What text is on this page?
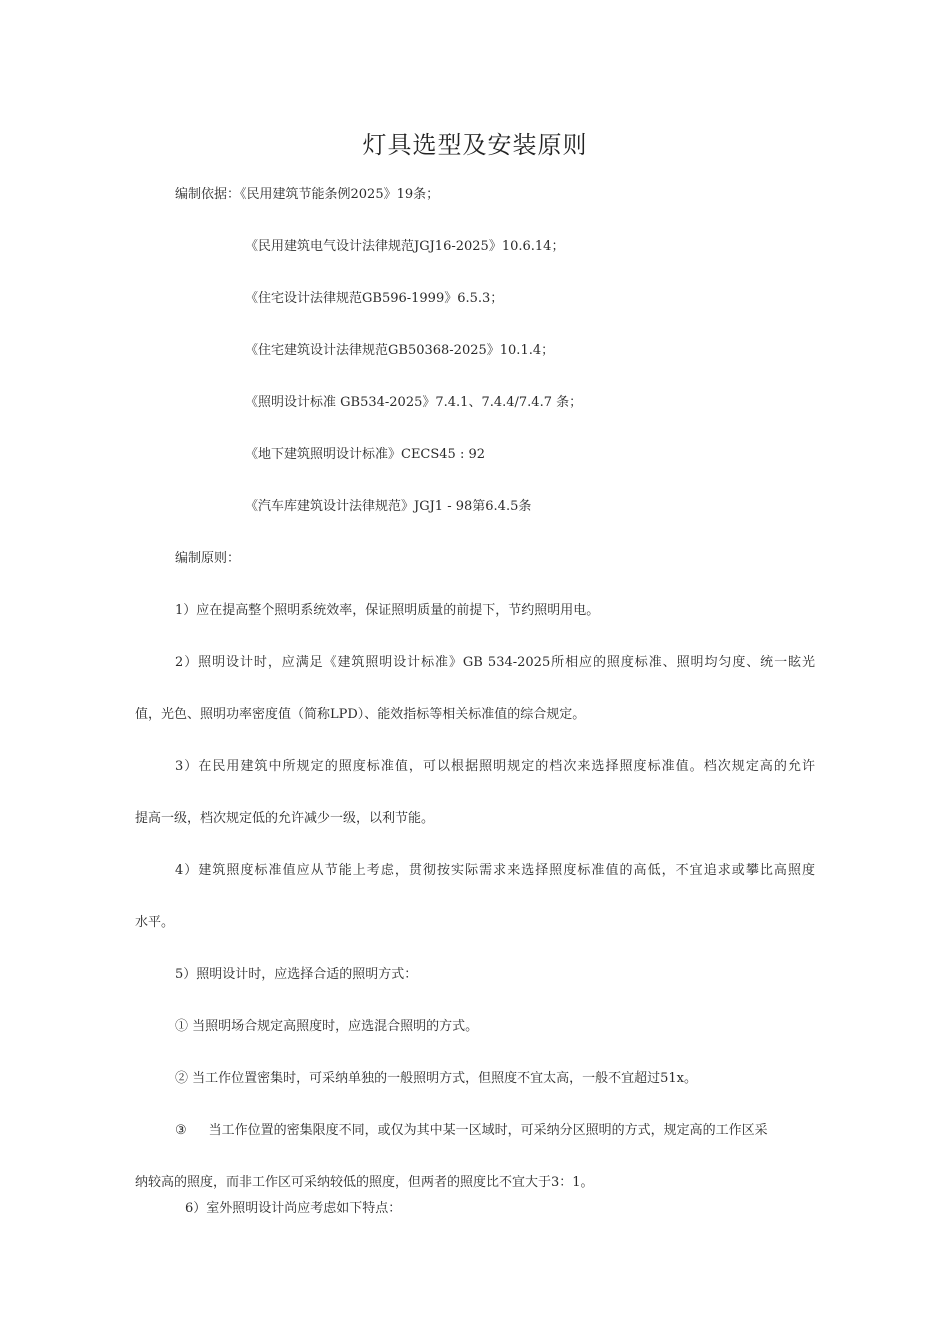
灯具选型及安装原则
编制依据：《民用建筑节能条例2025》19条；
《民用建筑电气设计法律规范JGJ16-2025》10.6.14；
《住宅设计法律规范GB596-1999》6.5.3；
《住宅建筑设计法律规范GB50368-2025》10.1.4；
《照明设计标准 GB534-2025》7.4.1、7.4.4/7.4.7 条；
《地下建筑照明设计标准》CECS45 : 92
《汽车库建筑设计法律规范》JGJ1 - 98第6.4.5条
编制原则：
1）应在提高整个照明系统效率，保证照明质量的前提下，节约照明用电。
2）照明设计时，应满足《建筑照明设计标准》GB 534-2025所相应的照度标准、照明均匀度、统一眩光
值，光色、照明功率密度值（简称LPD）、能效指标等相关标准值的综合规定。
3）在民用建筑中所规定的照度标准值，可以根据照明规定的档次来选择照度标准值。档次规定高的允许
提高一级，档次规定低的允许减少一级，以利节能。
4）建筑照度标准值应从节能上考虑，贯彻按实际需求来选择照度标准值的高低，不宜追求或攀比高照度
水平。
5）照明设计时，应选择合适的照明方式：
① 当照明场合规定高照度时，应选混合照明的方式。
② 当工作位置密集时，可采纳单独的一般照明方式，但照度不宜太高，一般不宜超过51x。
③ 当工作位置的密集限度不同，或仅为其中某一区域时，可采纳分区照明的方式，规定高的工作区采
纳较高的照度，而非工作区可采纳较低的照度，但两者的照度比不宜大于3：1。
6）室外照明设计尚应考虑如下特点：
